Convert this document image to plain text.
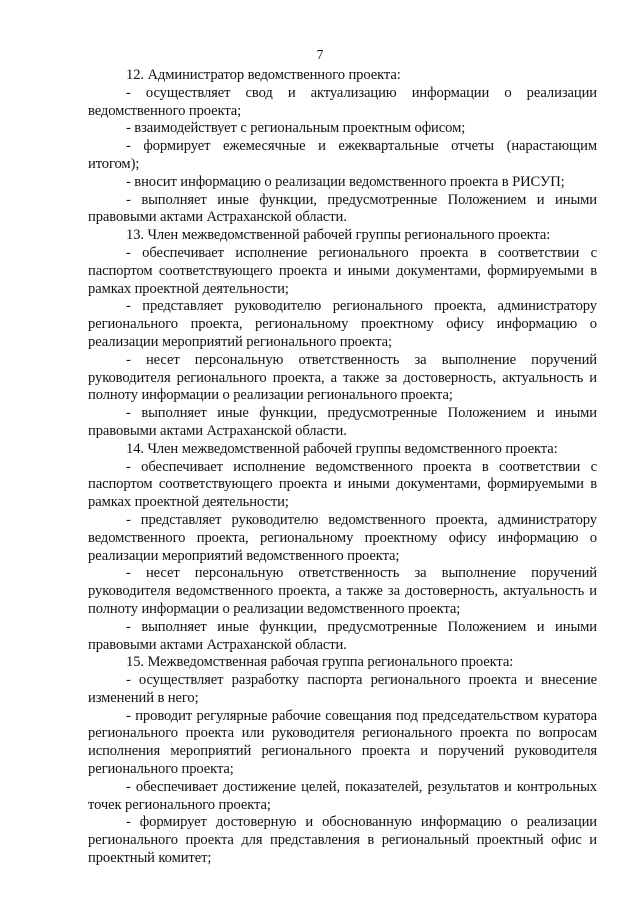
7

12. Администратор ведомственного проекта:

- осуществляет свод и актуализацию информации о реализации ведомственного проекта;

- взаимодействует с региональным проектным офисом;

- формирует ежемесячные и ежеквартальные отчеты (нарастающим итогом);

- вносит информацию о реализации ведомственного проекта в РИСУП;

- выполняет иные функции, предусмотренные Положением и иными правовыми актами Астраханской области.

13. Член межведомственной рабочей группы регионального проекта:

- обеспечивает исполнение регионального проекта в соответствии с паспортом соответствующего проекта и иными документами, формируемыми в рамках проектной деятельности;

- представляет руководителю регионального проекта, администратору регионального проекта, региональному проектному офису информацию о реализации мероприятий регионального проекта;

- несет персональную ответственность за выполнение поручений руководителя регионального проекта, а также за достоверность, актуальность и полноту информации о реализации регионального проекта;

- выполняет иные функции, предусмотренные Положением и иными правовыми актами Астраханской области.

14. Член межведомственной рабочей группы ведомственного проекта:

- обеспечивает исполнение ведомственного проекта в соответствии с паспортом соответствующего проекта и иными документами, формируемыми в рамках проектной деятельности;

- представляет руководителю ведомственного проекта, администратору ведомственного проекта, региональному проектному офису информацию о реализации мероприятий ведомственного проекта;

- несет персональную ответственность за выполнение поручений руководителя ведомственного проекта, а также за достоверность, актуальность и полноту информации о реализации ведомственного проекта;

- выполняет иные функции, предусмотренные Положением и иными правовыми актами Астраханской области.

15. Межведомственная рабочая группа регионального проекта:

- осуществляет разработку паспорта регионального проекта и внесение изменений в него;

- проводит регулярные рабочие совещания под председательством куратора регионального проекта или руководителя регионального проекта по вопросам исполнения мероприятий регионального проекта и поручений руководителя регионального проекта;

- обеспечивает достижение целей, показателей, результатов и контрольных точек регионального проекта;

- формирует достоверную и обоснованную информацию о реализации регионального проекта для представления в региональный проектный офис и проектный комитет;
